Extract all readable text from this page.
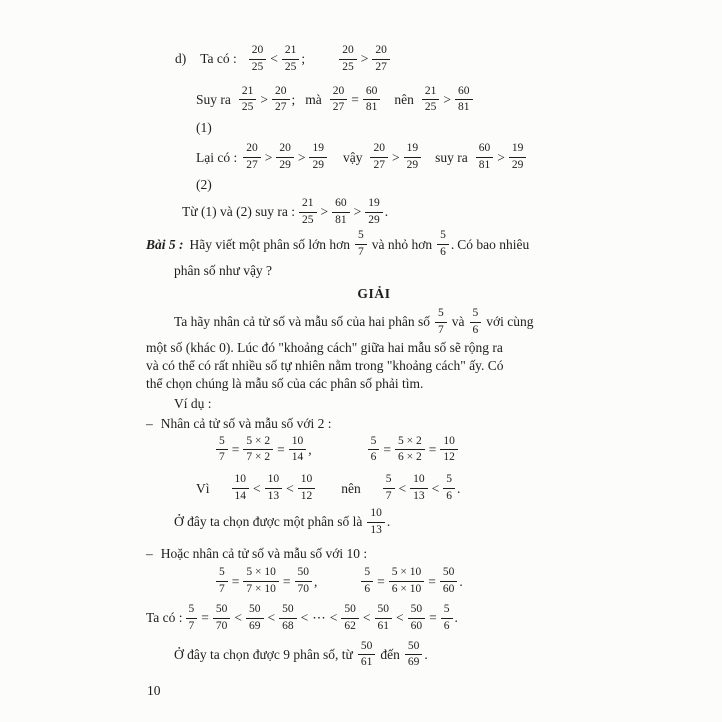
d) Ta có : $\frac{20}{25} < \frac{21}{25}$ ;	$\frac{20}{25} > \frac{20}{27}$
Suy ra $\frac{21}{25} > \frac{20}{27}$ ; mà $\frac{20}{27} = \frac{60}{81}$ nên $\frac{21}{25} > \frac{60}{81}$
(1)
Lại có : $\frac{20}{27} > \frac{20}{29} > \frac{19}{29}$ vậy $\frac{20}{27} > \frac{19}{29}$ suy ra $\frac{60}{81} > \frac{19}{29}$
(2)
Từ (1) và (2) suy ra : $\frac{21}{25} > \frac{60}{81} > \frac{19}{29}$ .
Bài 5 : Hãy viết một phân số lớn hơn $\frac{5}{7}$ và nhỏ hơn $\frac{5}{6}$ . Có bao nhiêu
phân số như vậy ?
GIẢI
Ta hãy nhân cả tử số và mẫu số của hai phân số $\frac{5}{7}$ và $\frac{5}{6}$ với cùng
một số (khác 0). Lúc đó "khoảng cách" giữa hai mẫu số sẽ rộng ra
và có thể có rất nhiều số tự nhiên nằm trong "khoảng cách" ấy. Có
thể chọn chúng là mẫu số của các phân số phải tìm.
Ví dụ :
– Nhân cả tử số và mẫu số với 2 :
$\frac{5}{7} = \frac{5 \times 2}{7 \times 2} = \frac{10}{14}$ ,	$\frac{5}{6} = \frac{5 \times 2}{6 \times 2} = \frac{10}{12}$
Vì $\frac{10}{14} < \frac{10}{13} < \frac{10}{12}$ nên $\frac{5}{7} < \frac{10}{13} < \frac{5}{6}$ .
Ở đây ta chọn được một phân số là $\frac{10}{13}$ .
– Hoặc nhân cả tử số và mẫu số với 10 :
$\frac{5}{7} = \frac{5 \times 10}{7 \times 10} = \frac{50}{70}$ ,	$\frac{5}{6} = \frac{5 \times 10}{6 \times 10} = \frac{50}{60}$ .
Ta có : $\frac{5}{7} = \frac{50}{70} < \frac{50}{69} < \frac{50}{68}$ < ⋯ < $\frac{50}{62} < \frac{50}{61} < \frac{50}{60} = \frac{5}{6}$ .
Ở đây ta chọn được 9 phân số, từ $\frac{50}{61}$ đến $\frac{50}{69}$ .
10
